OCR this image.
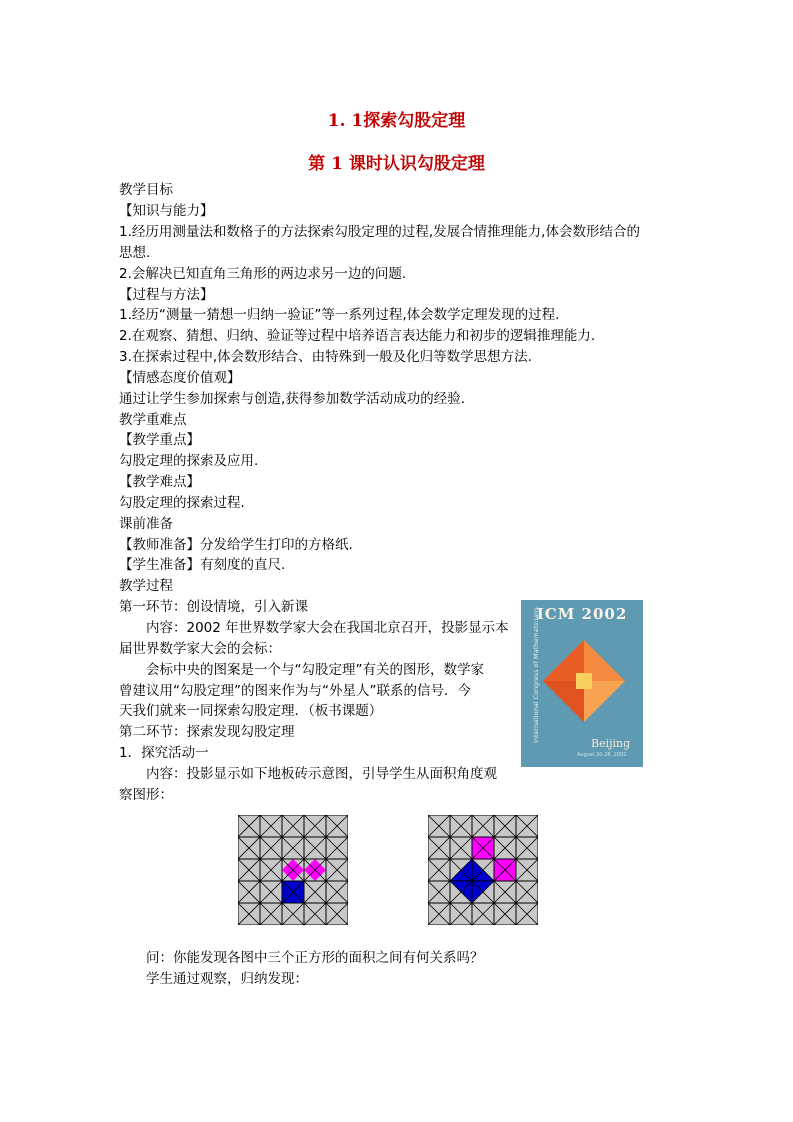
1. 1探索勾股定理
第 1 课时认识勾股定理
教学目标
【知识与能力】
1.经历用测量法和数格子的方法探索勾股定理的过程,发展合情推理能力,体会数形结合的
思想.
2.会解决已知直角三角形的两边求另一边的问题.
【过程与方法】
1.经历“测量一猜想一归纳一验证”等一系列过程,体会数学定理发现的过程.
2.在观察、猜想、归纳、验证等过程中培养语言表达能力和初步的逻辑推理能力.
3.在探索过程中,体会数形结合、由特殊到一般及化归等数学思想方法.
【情感态度价值观】
通过让学生参加探索与创造,获得参加数学活动成功的经验.
教学重难点
【教学重点】
勾股定理的探索及应用.
【教学难点】
勾股定理的探索过程.
课前准备
【教师准备】分发给学生打印的方格纸.
【学生准备】有刻度的直尺.
教学过程
第一环节：创设情境，引入新课
内容：2002 年世界数学家大会在我国北京召开，投影显示本
届世界数学家大会的会标：
会标中央的图案是一个与“勾股定理”有关的图形，数学家
曾建议用“勾股定理”的图来作为与“外星人”联系的信号．今
天我们就来一同探索勾股定理．（板书课题）
第二环节：探索发现勾股定理
1．探究活动一
内容：投影显示如下地板砖示意图，引导学生从面积角度观
察图形：
ICM 2002
International Congress of Mathematicians
Beijing
August 20-28, 2002
问：你能发现各图中三个正方形的面积之间有何关系吗？
学生通过观察，归纳发现：
